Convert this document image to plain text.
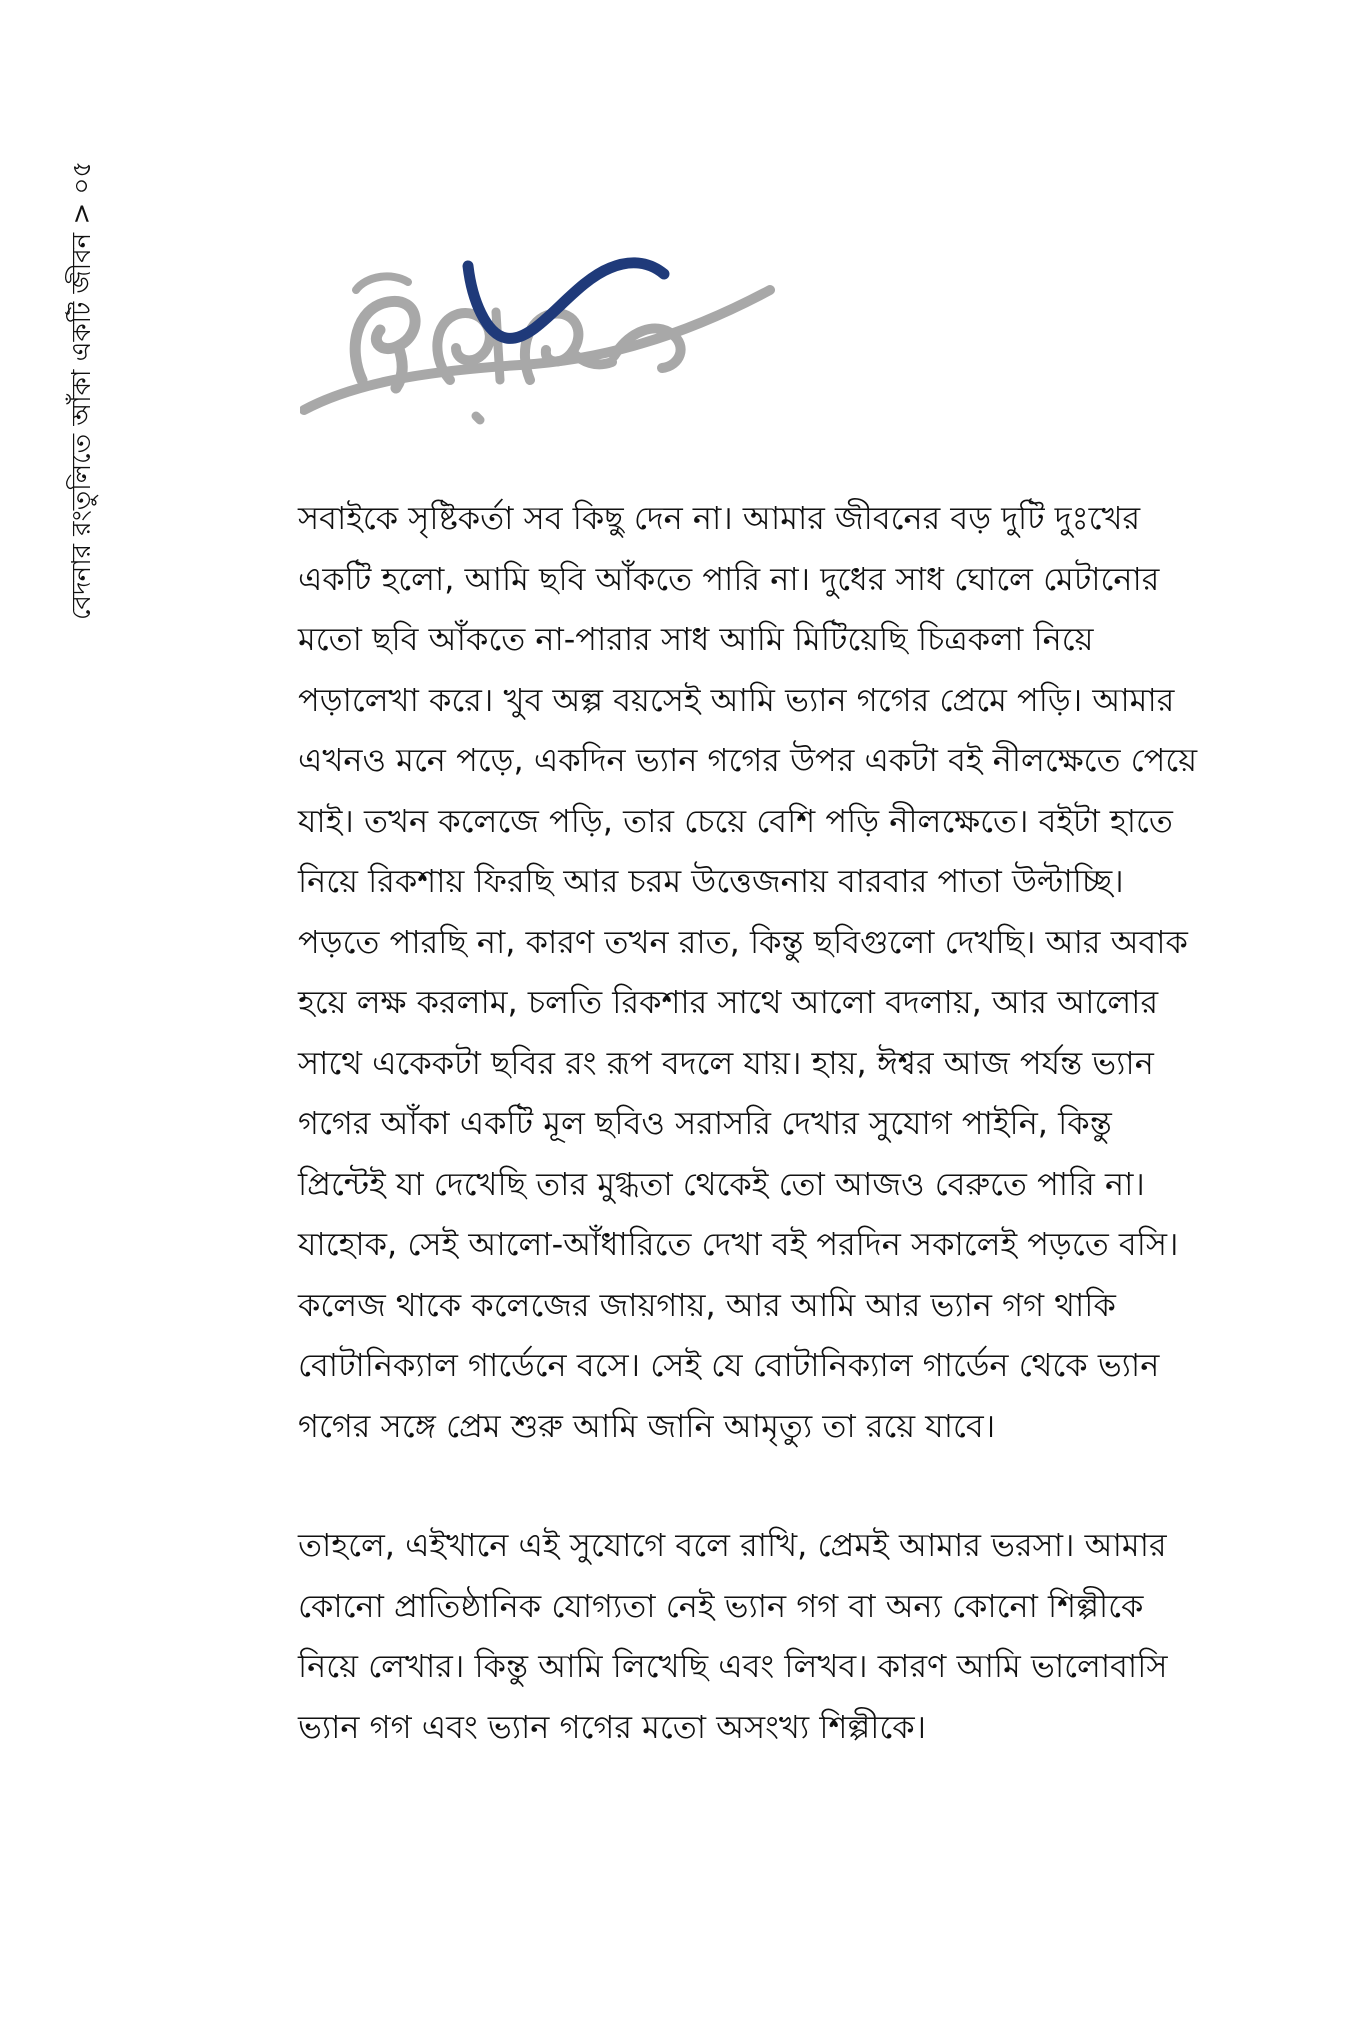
বেদনার রংতুলিতে আঁকা একটি জীবন > ০৫	সবাইকে সৃষ্টিকর্তা সব কিছু দেন না। আমার জীবনের বড় দুটি দুঃখের একটি হলো, আমি ছবি আঁকতে পারি না। দুধের সাধ ঘোলে মেটানোর মতো ছবি আঁকতে না-পারার সাধ আমি মিটিয়েছি চিত্রকলা নিয়ে পড়ালেখা করে। খুব অল্প বয়সেই আমি ভ্যান গগের প্রেমে পড়ি। আমার এখনও মনে পড়ে, একদিন ভ্যান গগের উপর একটা বই নীলক্ষেতে পেয়ে যাই। তখন কলেজে পড়ি, তার চেয়ে বেশি পড়ি নীলক্ষেতে। বইটা হাতে নিয়ে রিকশায় ফিরছি আর চরম উত্তেজনায় বারবার পাতা উল্টাচ্ছি। পড়তে পারছি না, কারণ তখন রাত, কিন্তু ছবিগুলো দেখছি। আর অবাক হয়ে লক্ষ করলাম, চলতি রিকশার সাথে আলো বদলায়, আর আলোর সাথে একেকটা ছবির রং রূপ বদলে যায়। হায়, ঈশ্বর আজ পর্যন্ত ভ্যান গগের আঁকা একটি মূল ছবিও সরাসরি দেখার সুযোগ পাইনি, কিন্তু প্রিন্টেই যা দেখেছি তার মুগ্ধতা থেকেই তো আজও বেরুতে পারি না। যাহোক, সেই আলো-আঁধারিতে দেখা বই পরদিন সকালেই পড়তে বসি। কলেজ থাকে কলেজের জায়গায়, আর আমি আর ভ্যান গগ থাকি বোটানিক্যাল গার্ডেনে বসে। সেই যে বোটানিক্যাল গার্ডেন থেকে ভ্যান গগের সঙ্গে প্রেম শুরু আমি জানি আমৃত্যু তা রয়ে যাবে।

তাহলে, এইখানে এই সুযোগে বলে রাখি, প্রেমই আমার ভরসা। আমার কোনো প্রাতিষ্ঠানিক যোগ্যতা নেই ভ্যান গগ বা অন্য কোনো শিল্পীকে নিয়ে লেখার। কিন্তু আমি লিখেছি এবং লিখব। কারণ আমি ভালোবাসি ভ্যান গগ এবং ভ্যান গগের মতো অসংখ্য শিল্পীকে।
